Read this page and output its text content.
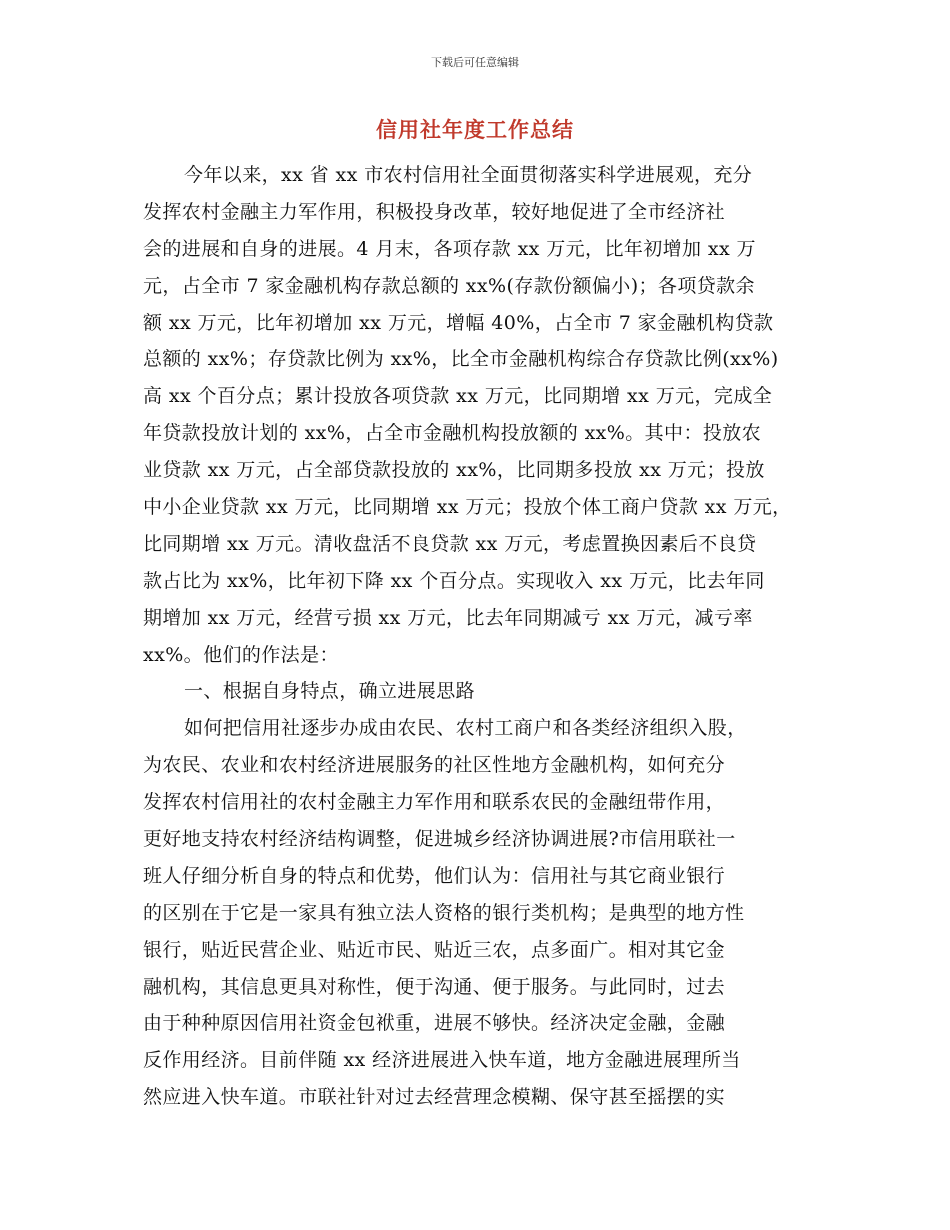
下载后可任意编辑
信用社年度工作总结
今年以来，xx 省 xx 市农村信用社全面贯彻落实科学进展观，充分
发挥农村金融主力军作用，积极投身改革，较好地促进了全市经济社
会的进展和自身的进展。4 月末，各项存款 xx 万元，比年初增加 xx 万
元，占全市 7 家金融机构存款总额的 xx%(存款份额偏小)；各项贷款余
额 xx 万元，比年初增加 xx 万元，增幅 40%，占全市 7 家金融机构贷款
总额的 xx%；存贷款比例为 xx%，比全市金融机构综合存贷款比例(xx%)
高 xx 个百分点；累计投放各项贷款 xx 万元，比同期增 xx 万元，完成全
年贷款投放计划的 xx%，占全市金融机构投放额的 xx%。其中：投放农
业贷款 xx 万元，占全部贷款投放的 xx%，比同期多投放 xx 万元；投放
中小企业贷款 xx 万元，比同期增 xx 万元；投放个体工商户贷款 xx 万元，
比同期增 xx 万元。清收盘活不良贷款 xx 万元，考虑置换因素后不良贷
款占比为 xx%，比年初下降 xx 个百分点。实现收入 xx 万元，比去年同
期增加 xx 万元，经营亏损 xx 万元，比去年同期减亏 xx 万元，减亏率
xx%。他们的作法是：
一、根据自身特点，确立进展思路
如何把信用社逐步办成由农民、农村工商户和各类经济组织入股，
为农民、农业和农村经济进展服务的社区性地方金融机构，如何充分
发挥农村信用社的农村金融主力军作用和联系农民的金融纽带作用，
更好地支持农村经济结构调整，促进城乡经济协调进展?市信用联社一
班人仔细分析自身的特点和优势，他们认为：信用社与其它商业银行
的区别在于它是一家具有独立法人资格的银行类机构；是典型的地方性
银行，贴近民营企业、贴近市民、贴近三农，点多面广。相对其它金
融机构，其信息更具对称性，便于沟通、便于服务。与此同时，过去
由于种种原因信用社资金包袱重，进展不够快。经济决定金融，金融
反作用经济。目前伴随 xx 经济进展进入快车道，地方金融进展理所当
然应进入快车道。市联社针对过去经营理念模糊、保守甚至摇摆的实
